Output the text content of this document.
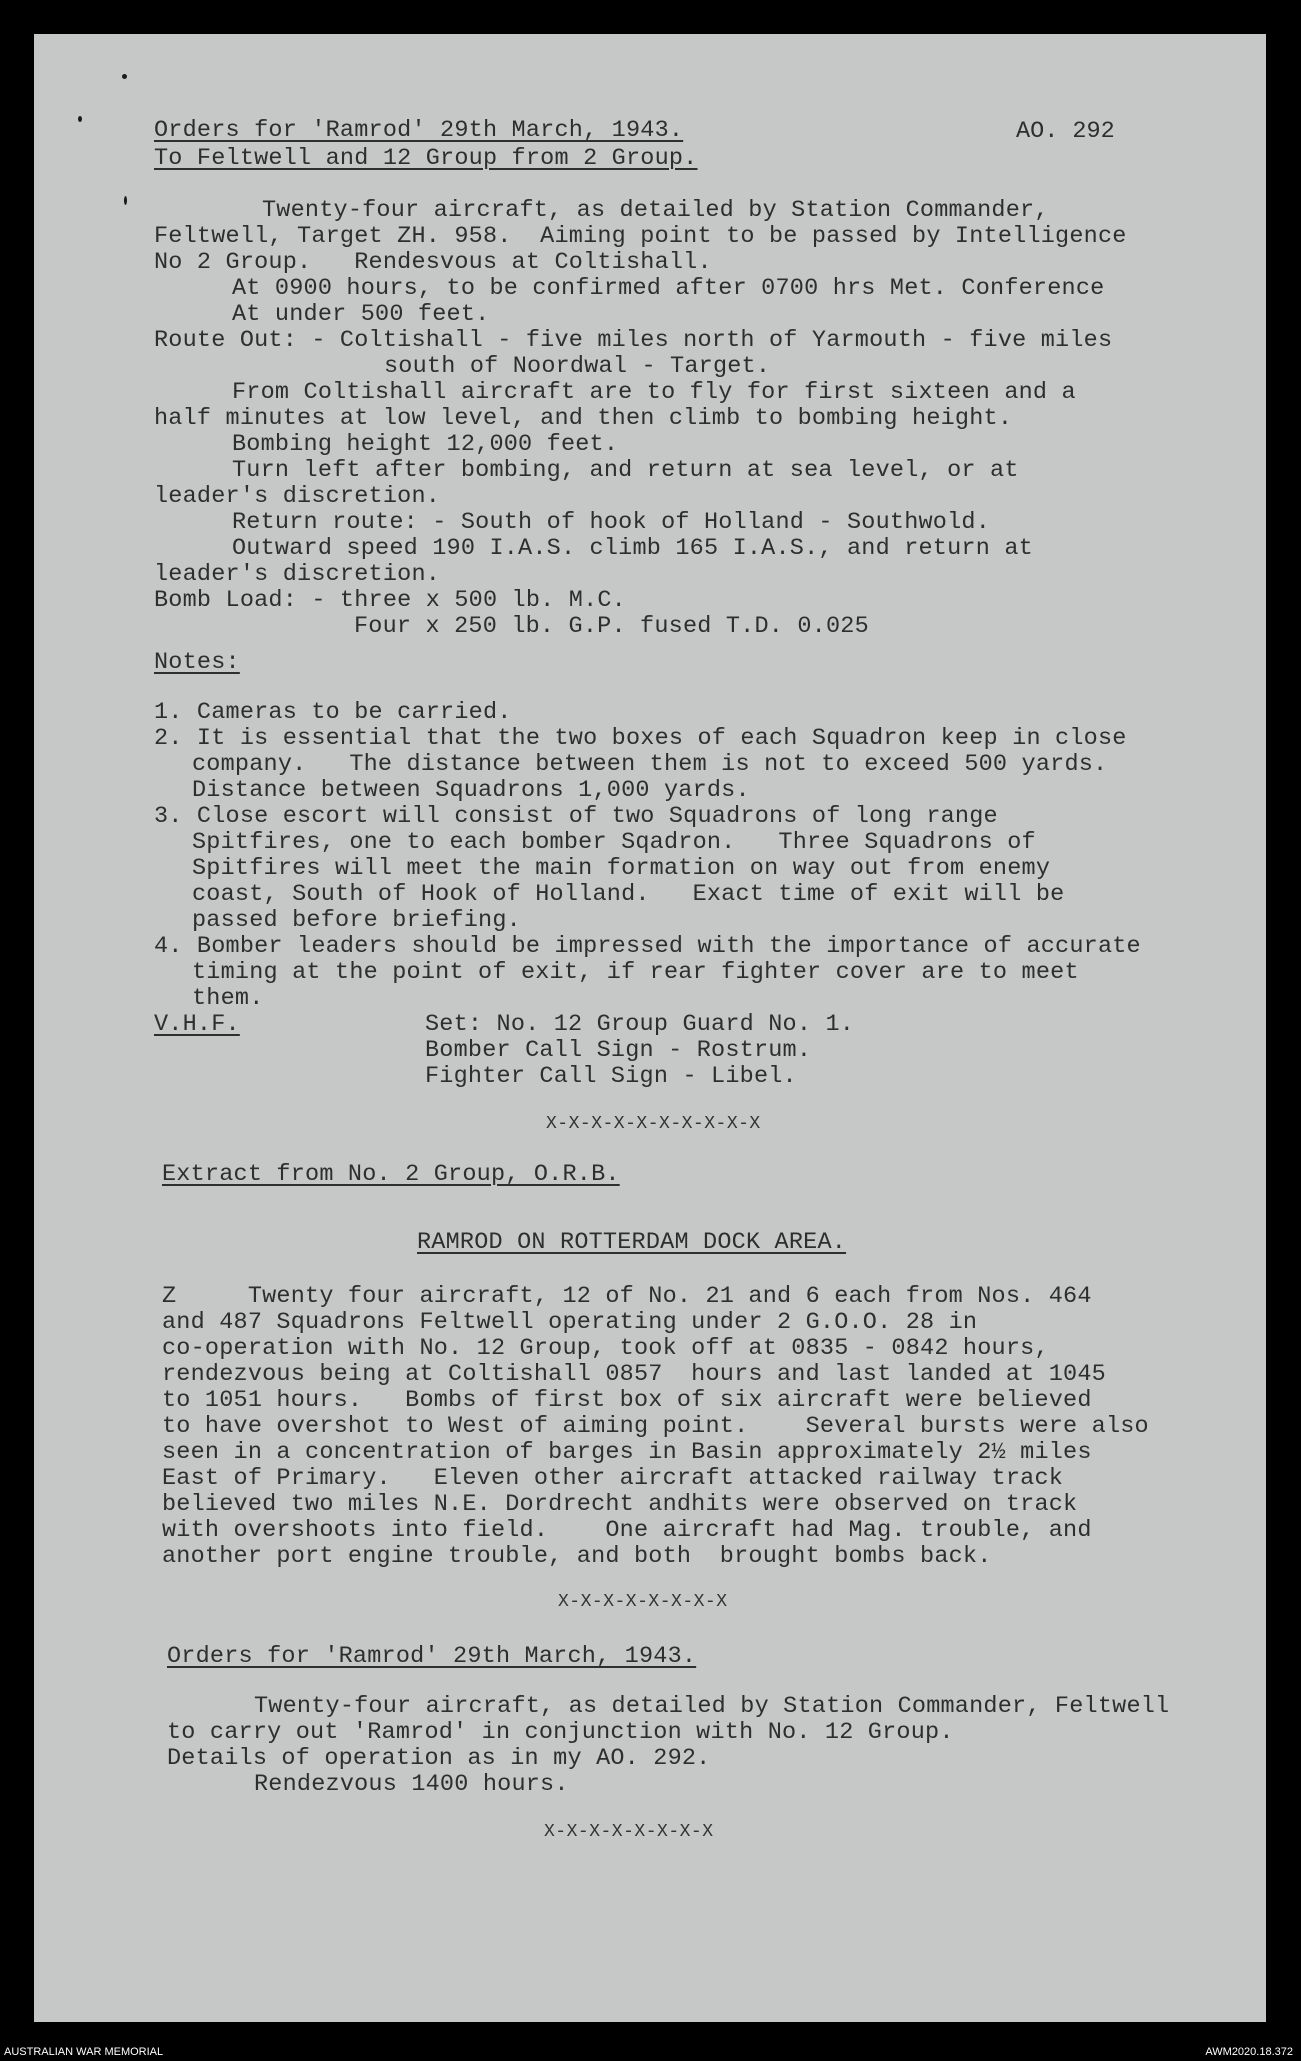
Orders for 'Ramrod' 29th March, 1943.	AO. 292
To Feltwell and 12 Group from 2 Group.
Twenty-four aircraft, as detailed by Station Commander,
Feltwell, Target ZH. 958.  Aiming point to be passed by Intelligence
No 2 Group.   Rendesvous at Coltishall.
At 0900 hours, to be confirmed after 0700 hrs Met. Conference
At under 500 feet.
Route Out: - Coltishall - five miles north of Yarmouth - five miles
south of Noordwal - Target.
From Coltishall aircraft are to fly for first sixteen and a
half minutes at low level, and then climb to bombing height.
Bombing height 12,000 feet.
Turn left after bombing, and return at sea level, or at
leader's discretion.
Return route: - South of hook of Holland - Southwold.
Outward speed 190 I.A.S. climb 165 I.A.S., and return at
leader's discretion.
Bomb Load: - three x 500 lb. M.C.
Four x 250 lb. G.P. fused T.D. 0.025
Notes:
1. Cameras to be carried.
2. It is essential that the two boxes of each Squadron keep in close
company.   The distance between them is not to exceed 500 yards.
Distance between Squadrons 1,000 yards.
3. Close escort will consist of two Squadrons of long range
Spitfires, one to each bomber Sqadron.   Three Squadrons of
Spitfires will meet the main formation on way out from enemy
coast, South of Hook of Holland.   Exact time of exit will be
passed before briefing.
4. Bomber leaders should be impressed with the importance of accurate
timing at the point of exit, if rear fighter cover are to meet
them.
V.H.F.	Set: No. 12 Group Guard No. 1.
Bomber Call Sign - Rostrum.
Fighter Call Sign - Libel.
X-X-X-X-X-X-X-X-X-X
Extract from No. 2 Group, O.R.B.
RAMROD ON ROTTERDAM DOCK AREA.
Z     Twenty four aircraft, 12 of No. 21 and 6 each from Nos. 464
and 487 Squadrons Feltwell operating under 2 G.O.O. 28 in
co-operation with No. 12 Group, took off at 0835 - 0842 hours,
rendezvous being at Coltishall 0857  hours and last landed at 1045
to 1051 hours.   Bombs of first box of six aircraft were believed
to have overshot to West of aiming point.    Several bursts were also
seen in a concentration of barges in Basin approximately 2½ miles
East of Primary.   Eleven other aircraft attacked railway track
believed two miles N.E. Dordrecht andhits were observed on track
with overshoots into field.    One aircraft had Mag. trouble, and
another port engine trouble, and both  brought bombs back.
X-X-X-X-X-X-X-X
Orders for 'Ramrod' 29th March, 1943.
Twenty-four aircraft, as detailed by Station Commander, Feltwell
to carry out 'Ramrod' in conjunction with No. 12 Group.
Details of operation as in my AO. 292.
Rendezvous 1400 hours.
X-X-X-X-X-X-X-X
AUSTRALIAN WAR MEMORIAL	AWM2020.18.372
